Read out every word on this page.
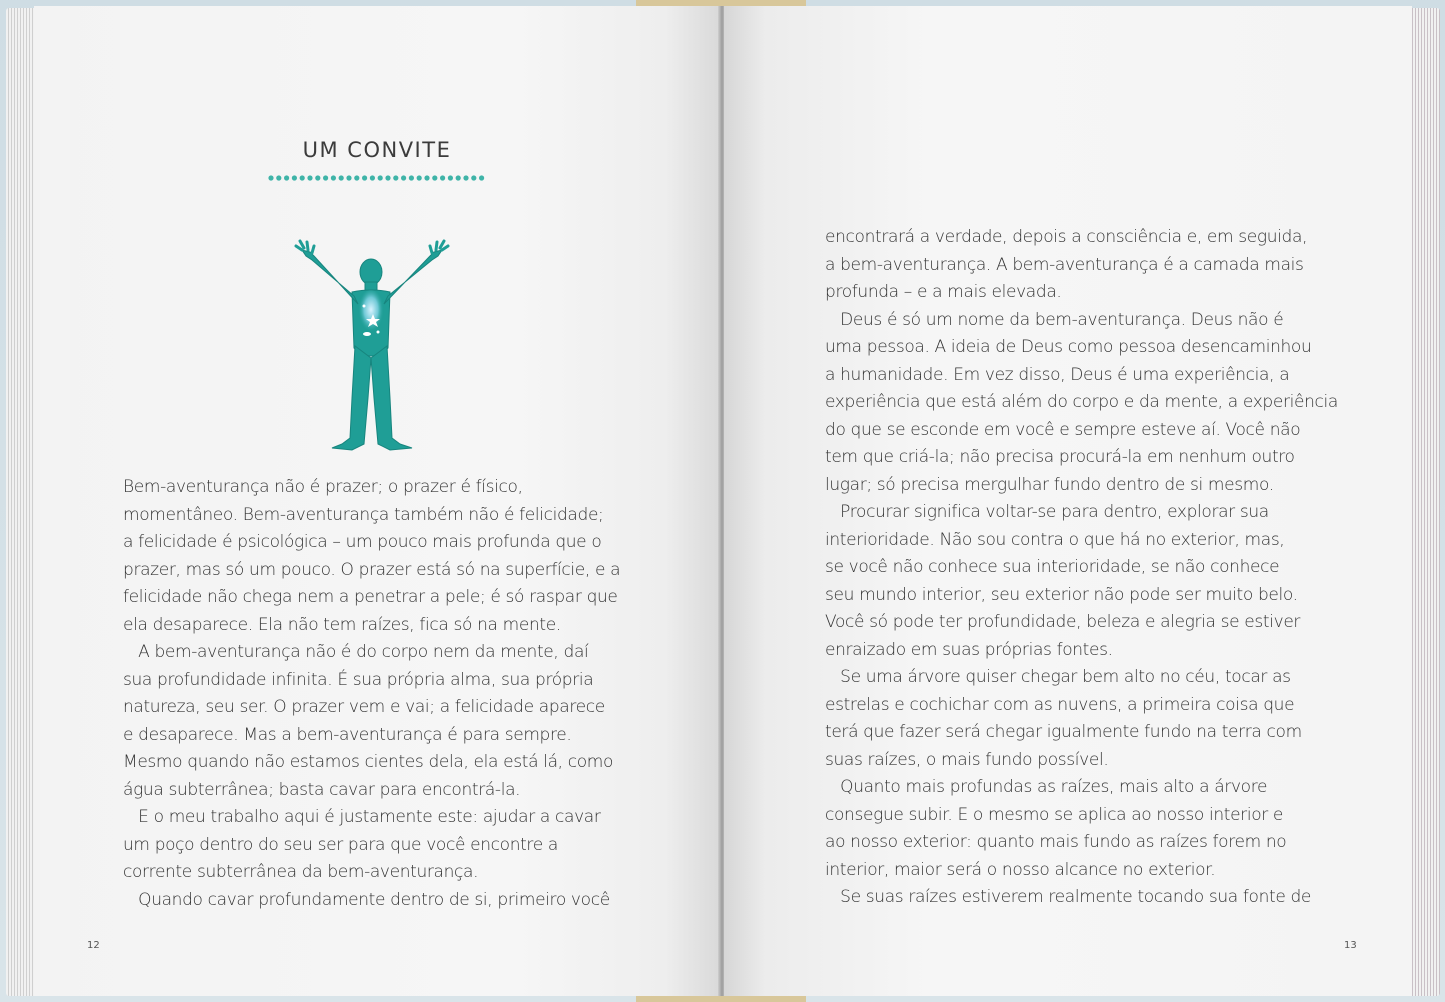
UM CONVITE
Bem-aventurança não é prazer; o prazer é físico,
momentâneo. Bem-aventurança também não é felicidade;
a felicidade é psicológica – um pouco mais profunda que o
prazer, mas só um pouco. O prazer está só na superfície, e a
felicidade não chega nem a penetrar a pele; é só raspar que
ela desaparece. Ela não tem raízes, fica só na mente.
A bem-aventurança não é do corpo nem da mente, daí
sua profundidade infinita. É sua própria alma, sua própria
natureza, seu ser. O prazer vem e vai; a felicidade aparece
e desaparece. Mas a bem-aventurança é para sempre.
Mesmo quando não estamos cientes dela, ela está lá, como
água subterrânea; basta cavar para encontrá-la.
E o meu trabalho aqui é justamente este: ajudar a cavar
um poço dentro do seu ser para que você encontre a
corrente subterrânea da bem-aventurança.
Quando cavar profundamente dentro de si, primeiro você
12
encontrará a verdade, depois a consciência e, em seguida,
a bem-aventurança. A bem-aventurança é a camada mais
profunda – e a mais elevada.
Deus é só um nome da bem-aventurança. Deus não é
uma pessoa. A ideia de Deus como pessoa desencaminhou
a humanidade. Em vez disso, Deus é uma experiência, a
experiência que está além do corpo e da mente, a experiência
do que se esconde em você e sempre esteve aí. Você não
tem que criá-la; não precisa procurá-la em nenhum outro
lugar; só precisa mergulhar fundo dentro de si mesmo.
Procurar significa voltar-se para dentro, explorar sua
interioridade. Não sou contra o que há no exterior, mas,
se você não conhece sua interioridade, se não conhece
seu mundo interior, seu exterior não pode ser muito belo.
Você só pode ter profundidade, beleza e alegria se estiver
enraizado em suas próprias fontes.
Se uma árvore quiser chegar bem alto no céu, tocar as
estrelas e cochichar com as nuvens, a primeira coisa que
terá que fazer será chegar igualmente fundo na terra com
suas raízes, o mais fundo possível.
Quanto mais profundas as raízes, mais alto a árvore
consegue subir. E o mesmo se aplica ao nosso interior e
ao nosso exterior: quanto mais fundo as raízes forem no
interior, maior será o nosso alcance no exterior.
Se suas raízes estiverem realmente tocando sua fonte de
13
